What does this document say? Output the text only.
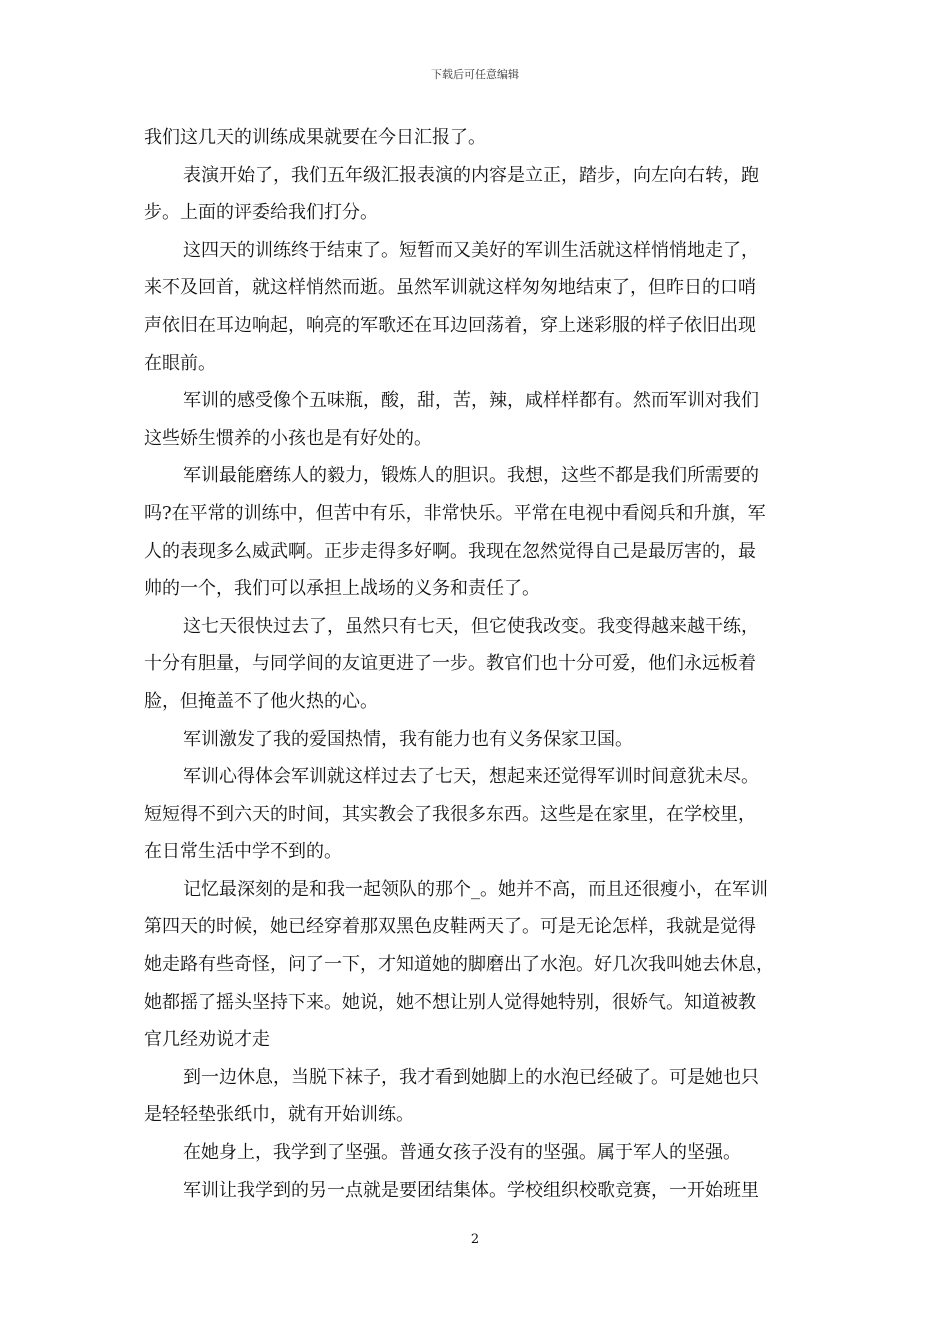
下载后可任意编辑
我们这几天的训练成果就要在今日汇报了。
表演开始了，我们五年级汇报表演的内容是立正，踏步，向左向右转，跑
步。上面的评委给我们打分。
这四天的训练终于结束了。短暂而又美好的军训生活就这样悄悄地走了，
来不及回首，就这样悄然而逝。虽然军训就这样匆匆地结束了，但昨日的口哨
声依旧在耳边响起，响亮的军歌还在耳边回荡着，穿上迷彩服的样子依旧出现
在眼前。
军训的感受像个五味瓶，酸，甜，苦，辣，咸样样都有。然而军训对我们
这些娇生惯养的小孩也是有好处的。
军训最能磨练人的毅力，锻炼人的胆识。我想，这些不都是我们所需要的
吗?在平常的训练中，但苦中有乐，非常快乐。平常在电视中看阅兵和升旗，军
人的表现多么威武啊。正步走得多好啊。我现在忽然觉得自己是最厉害的，最
帅的一个，我们可以承担上战场的义务和责任了。
这七天很快过去了，虽然只有七天，但它使我改变。我变得越来越干练，
十分有胆量，与同学间的友谊更进了一步。教官们也十分可爱，他们永远板着
脸，但掩盖不了他火热的心。
军训激发了我的爱国热情，我有能力也有义务保家卫国。
军训心得体会军训就这样过去了七天，想起来还觉得军训时间意犹未尽。
短短得不到六天的时间，其实教会了我很多东西。这些是在家里，在学校里，
在日常生活中学不到的。
记忆最深刻的是和我一起领队的那个_。她并不高，而且还很瘦小，在军训
第四天的时候，她已经穿着那双黑色皮鞋两天了。可是无论怎样，我就是觉得
她走路有些奇怪，问了一下，才知道她的脚磨出了水泡。好几次我叫她去休息，
她都摇了摇头坚持下来。她说，她不想让别人觉得她特别，很娇气。知道被教
官几经劝说才走
到一边休息，当脱下袜子，我才看到她脚上的水泡已经破了。可是她也只
是轻轻垫张纸巾，就有开始训练。
在她身上，我学到了坚强。普通女孩子没有的坚强。属于军人的坚强。
军训让我学到的另一点就是要团结集体。学校组织校歌竞赛，一开始班里
2
